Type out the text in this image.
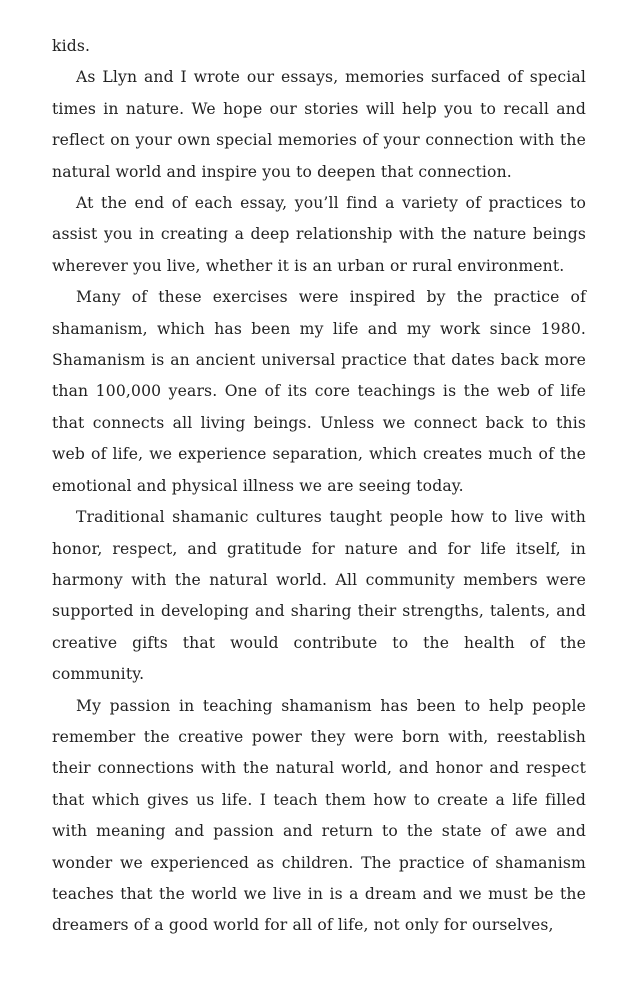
kids.

As Llyn and I wrote our essays, memories surfaced of special times in nature. We hope our stories will help you to recall and reflect on your own special memories of your connection with the natural world and inspire you to deepen that connection.

At the end of each essay, you’ll find a variety of practices to assist you in creating a deep relationship with the nature beings wherever you live, whether it is an urban or rural environment.

Many of these exercises were inspired by the practice of shamanism, which has been my life and my work since 1980. Shamanism is an ancient universal practice that dates back more than 100,000 years. One of its core teachings is the web of life that connects all living beings. Unless we connect back to this web of life, we experience separation, which creates much of the emotional and physical illness we are seeing today.

Traditional shamanic cultures taught people how to live with honor, respect, and gratitude for nature and for life itself, in harmony with the natural world. All community members were supported in developing and sharing their strengths, talents, and creative gifts that would contribute to the health of the community.

My passion in teaching shamanism has been to help people remember the creative power they were born with, reestablish their connections with the natural world, and honor and respect that which gives us life. I teach them how to create a life filled with meaning and passion and return to the state of awe and wonder we experienced as children. The practice of shamanism teaches that the world we live in is a dream and we must be the dreamers of a good world for all of life, not only for ourselves,
